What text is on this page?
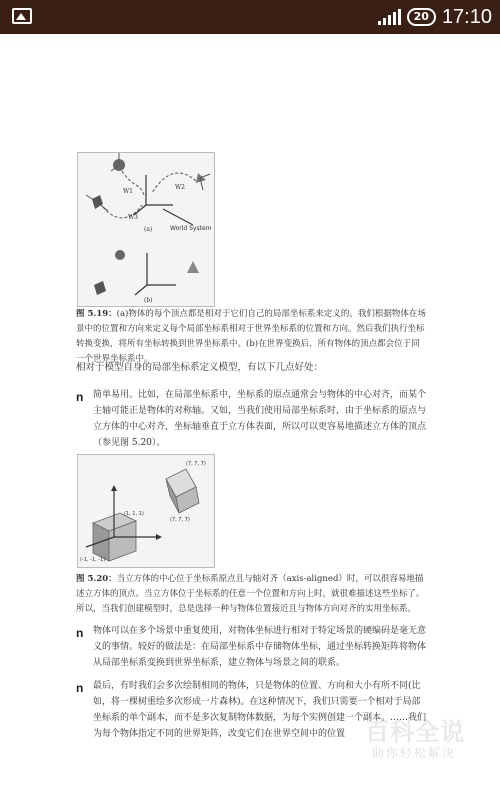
20 17:10
W1
W2
W3
(a)	World System
(b)
图 5.19：(a)物体的每个顶点都是相对于它们自己的局部坐标系来定义的。我们根据物体在场景中的位置和方向来定义每个局部坐标系相对于世界坐标系的位置和方向。然后我们执行坐标转换变换，将所有坐标转换到世界坐标系中。(b)在世界变换后，所有物体的顶点都会位于同一个世界坐标系中。
相对于模型自身的局部坐标系定义模型，有以下几点好处：
n 简单易用。比如，在局部坐标系中，坐标系的原点通常会与物体的中心对齐，而某个主轴可能正是物体的对称轴。又如，当我们使用局部坐标系时，由于坐标系的原点与立方体的中心对齐，坐标轴垂直于立方体表面，所以可以更容易地描述立方体的顶点（参见图 5.20）。
(7, 7, 7)
(7, 7, 7)
(1, 1, 1)
(-1, -1, -1)
图 5.20：当立方体的中心位于坐标系原点且与轴对齐（axis-aligned）时，可以很容易地描述立方体的顶点。当立方体位于坐标系的任意一个位置和方向上时，就很难描述这些坐标了。所以，当我们创建模型时，总是选择一种与物体位置接近且与物体方向对齐的实用坐标系。
n 物体可以在多个场景中重复使用，对物体坐标进行相对于特定场景的硬编码是毫无意义的事情。较好的做法是：在局部坐标系中存储物体坐标，通过坐标转换矩阵将物体从局部坐标系变换到世界坐标系，建立物体与场景之间的联系。
n 最后，有时我们会多次绘制相同的物体，只是物体的位置、方向和大小有所不同(比如，将一棵树重绘多次形成一片森林)。在这种情况下，我们只需要一个相对于局部坐标系的单个副本，而不是多次复制物体数据，为每个实例创建一个副本。……我们为每个物体指定不同的世界矩阵，改变它们在世界空间中的位置 百科全说
助你轻松解决
